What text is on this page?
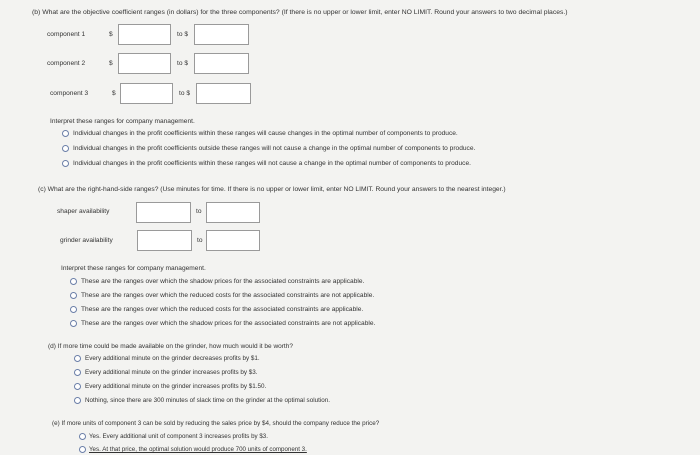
(b) What are the objective coefficient ranges (in dollars) for the three components? (If there is no upper or lower limit, enter NO LIMIT. Round your answers to two decimal places.)
component 1	$	to $
component 2	$	to $
component 3	$	to $
Interpret these ranges for company management.
Individual changes in the profit coefficients within these ranges will cause changes in the optimal number of components to produce.
Individual changes in the profit coefficients outside these ranges will not cause a change in the optimal number of components to produce.
Individual changes in the profit coefficients within these ranges will not cause a change in the optimal number of components to produce.
(c) What are the right-hand-side ranges? (Use minutes for time. If there is no upper or lower limit, enter NO LIMIT. Round your answers to the nearest integer.)
shaper availability	to
grinder availability	to
Interpret these ranges for company management.
These are the ranges over which the shadow prices for the associated constraints are applicable.
These are the ranges over which the reduced costs for the associated constraints are not applicable.
These are the ranges over which the reduced costs for the associated constraints are applicable.
These are the ranges over which the shadow prices for the associated constraints are not applicable.
(d) If more time could be made available on the grinder, how much would it be worth?
Every additional minute on the grinder decreases profits by $1.
Every additional minute on the grinder increases profits by $3.
Every additional minute on the grinder increases profits by $1.50.
Nothing, since there are 300 minutes of slack time on the grinder at the optimal solution.
(e) If more units of component 3 can be sold by reducing the sales price by $4, should the company reduce the price?
Yes. Every additional unit of component 3 increases profits by $3.
Yes. At that price, the optimal solution would produce 700 units of component 3.
